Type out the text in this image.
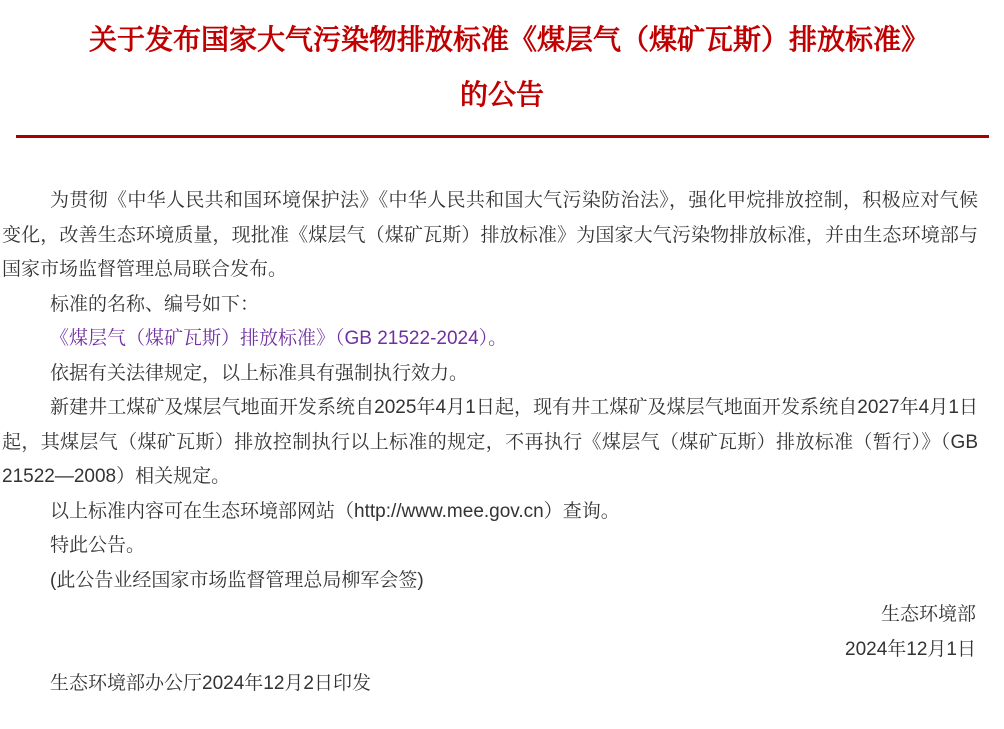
关于发布国家大气污染物排放标准《煤层气（煤矿瓦斯）排放标准》的公告

为贯彻《中华人民共和国环境保护法》《中华人民共和国大气污染防治法》，强化甲烷排放控制，积极应对气候变化，改善生态环境质量，现批准《煤层气（煤矿瓦斯）排放标准》为国家大气污染物排放标准，并由生态环境部与国家市场监督管理总局联合发布。

标准的名称、编号如下：

《煤层气（煤矿瓦斯）排放标准》（GB 21522-2024）。

依据有关法律规定，以上标准具有强制执行效力。

新建井工煤矿及煤层气地面开发系统自2025年4月1日起，现有井工煤矿及煤层气地面开发系统自2027年4月1日起，其煤层气（煤矿瓦斯）排放控制执行以上标准的规定，不再执行《煤层气（煤矿瓦斯）排放标准（暂行）》（GB 21522—2008）相关规定。

以上标准内容可在生态环境部网站（http://www.mee.gov.cn）查询。

特此公告。

(此公告业经国家市场监督管理总局柳军会签)

生态环境部

2024年12月1日

生态环境部办公厅2024年12月2日印发
